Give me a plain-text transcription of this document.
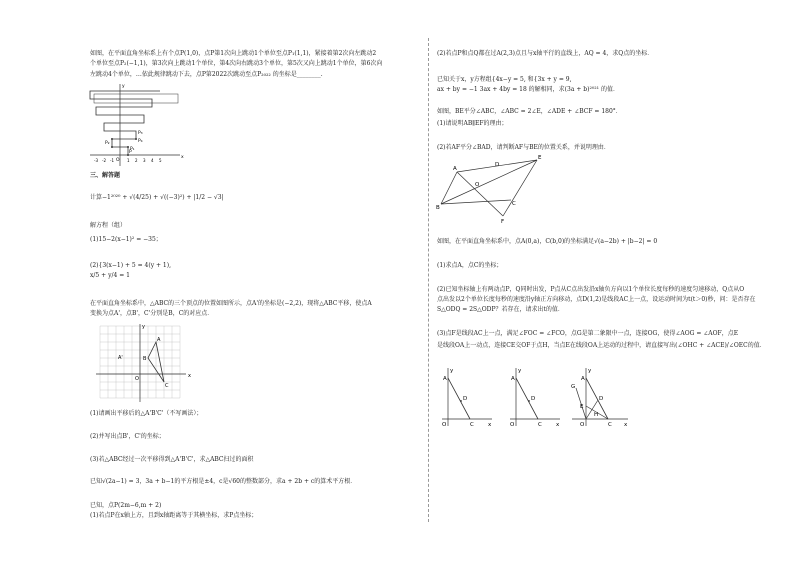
如图，在平面直角坐标系上有个点P(1,0)，点P第1次向上跳动1个单位至点P₁(1,1)，紧接着第2次向左跳动2
个单位至点P₂(−1,1)，第3次向上跳动1个单位，第4次向右跳动3个单位，第5次又向上跳动1个单位，第6次向
左跳动4个单位，…依此规律跳动下去，点P第2022次跳动至点P₂₀₂₂ 的坐标是________.
x
y
O
P₄
P₃
P₂
P₁
P
-3 -2 -1	1 2 3 4 5
三、解答题
计算−1²⁰²⁰ + √(4/25) + √((−3)²) + |1/2 − √3|
解方程（组）
(1)15−2(x−1)² = −35；
(2){3(x−1) + 5 = 4(y + 1),
x/5 + y/4 = 1
在平面直角坐标系中，△ABC的三个顶点的位置如图所示，点A'的坐标是(−2,2)，现将△ABC平移，使点A
变换为点A'，点B'，C'分别是B，C的对应点．
A
B
C
A'
x
y
O
(1)请画出平移后的△A'B'C'（不写画法）；
(2)并写出点B'，C'的坐标；
(3)若△ABC经过一次平移得到△A'B'C'，求△ABC扫过的面积
已知√(2a−1) = 3，3a + b−1的平方根是±4，c是√60的整数部分，求a + 2b + c的算术平方根．
已知，点P(2m−6,m + 2)
(1)若点P在x轴上方，且到x轴距离等于其横坐标，求P点坐标；
(2)若点P和点Q都在过A(2,3)点且与x轴平行的直线上，AQ = 4，求Q点的坐标．
已知关于x，y方程组{4x−y = 5, 和{3x + y = 9,
ax + by = −1 3ax + 4by = 18 的解相同，求(3a + b)²⁰²¹ 的值．
如图，BE平分∠ABC，∠ABC = 2∠E，∠ADE + ∠BCF = 180°．
(1)请说明AB∥EF的理由；
(2)若AF平分∠BAD，请判断AF与BE的位置关系，并说明理由．
A
B
C
D
E
F
O
如图，在平面直角坐标系中，点A(0,a)，C(b,0)的坐标满足√(a−2b) + |b−2| = 0
(1)求点A，点C的坐标；
(2)已知坐标轴上有两动点P，Q同时出发，P点从C点出发沿x轴负方向以1个单位长度每秒的速度匀速移动，Q点从O
点出发以2个单位长度每秒的速度沿y轴正方向移动，点D(1,2)是线段AC上一点，设运动时间为t(t＞0)秒，问：是否存在
S△ODQ = 2S△ODP？若存在，请求出t的值．
(3)点F是线段AC上一点，满足∠FOC = ∠FCO，点G是第二象限中一点，连接OG，使得∠AOG = ∠AOF，点E
是线段OA上一动点，连接CE交OF于点H，当点E在线段OA上运动的过程中，请直接写出(∠OHC + ∠ACE)/∠OEC的值．
A
C
D
O
y
x
A
C
D
O
y
x
A
C
D
E
G
H
O
y
x
